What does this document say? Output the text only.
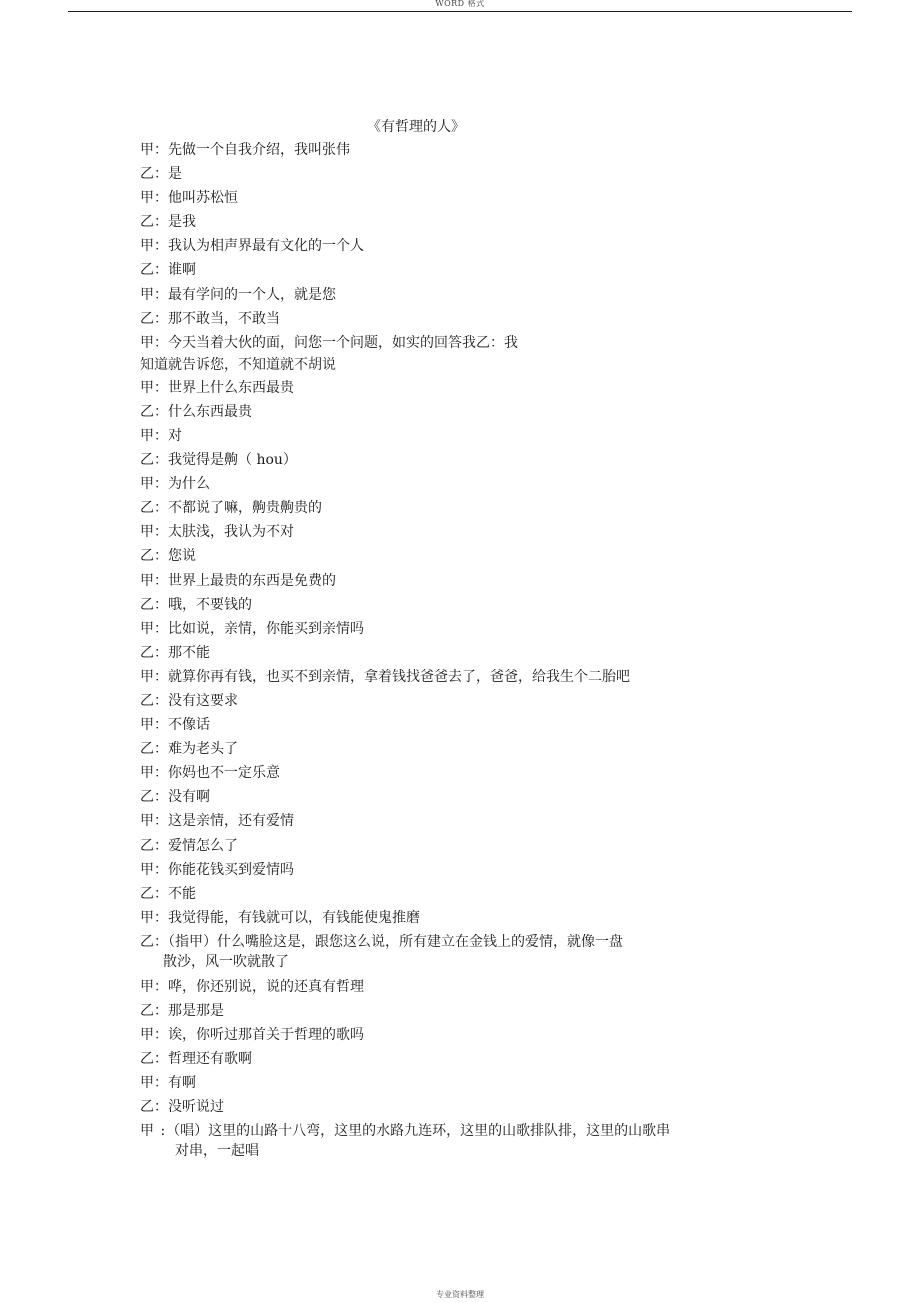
WORD 格式
《有哲理的人》
甲：先做一个自我介绍，我叫张伟
乙：是
甲：他叫苏松恒
乙：是我
甲：我认为相声界最有文化的一个人
乙：谁啊
甲：最有学问的一个人，就是您
乙：那不敢当，不敢当
甲：今天当着大伙的面，问您一个问题，如实的回答我乙：我
知道就告诉您，不知道就不胡说
甲：世界上什么东西最贵
乙：什么东西最贵
甲：对
乙：我觉得是齁（ hou）
甲：为什么
乙：不都说了嘛，齁贵齁贵的
甲：太肤浅，我认为不对
乙：您说
甲：世界上最贵的东西是免费的
乙：哦，不要钱的
甲：比如说，亲情，你能买到亲情吗
乙：那不能
甲：就算你再有钱，也买不到亲情，拿着钱找爸爸去了，爸爸，给我生个二胎吧
乙：没有这要求
甲：不像话
乙：难为老头了
甲：你妈也不一定乐意
乙：没有啊
甲：这是亲情，还有爱情
乙：爱情怎么了
甲：你能花钱买到爱情吗
乙：不能
甲：我觉得能，有钱就可以，有钱能使鬼推磨
乙：（指甲）什么嘴脸这是，跟您这么说，所有建立在金钱上的爱情，就像一盘
散沙，风一吹就散了
甲：哗，你还别说，说的还真有哲理
乙：那是那是
甲：诶，你听过那首关于哲理的歌吗
乙：哲理还有歌啊
甲：有啊
乙：没听说过
甲 :（唱）这里的山路十八弯，这里的水路九连环，这里的山歌排队排，这里的山歌串
对串，一起唱
专业资料整理
